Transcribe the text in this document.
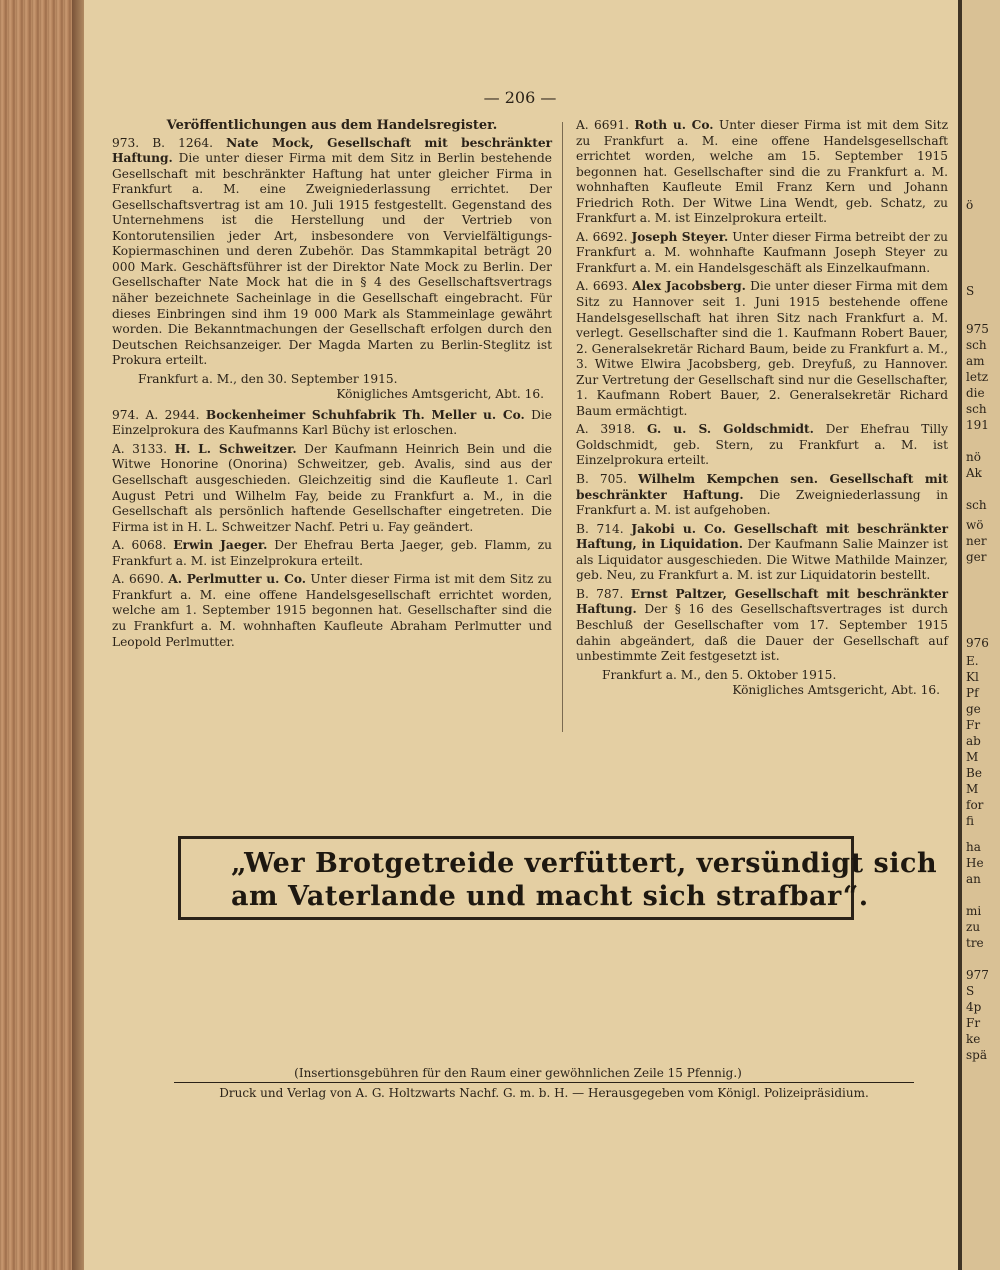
— 206 —
Veröffentlichungen aus dem Handelsregister.

973. B. 1264. Nate Mock, Gesellschaft mit beschränkter Haftung. Die unter dieser Firma mit dem Sitz in Berlin bestehende Gesellschaft mit beschränkter Haftung hat unter gleicher Firma in Frankfurt a. M. eine Zweigniederlassung errichtet. Der Gesellschaftsvertrag ist am 10. Juli 1915 festgestellt. Gegenstand des Unternehmens ist die Herstellung und der Vertrieb von Kontorutensilien jeder Art, insbesondere von Vervielfältigungs-Kopiermaschinen und deren Zubehör. Das Stammkapital beträgt 20 000 Mark. Geschäftsführer ist der Direktor Nate Mock zu Berlin. Der Gesellschafter Nate Mock hat die in § 4 des Gesellschaftsvertrags näher bezeichnete Sacheinlage in die Gesellschaft eingebracht. Für dieses Einbringen sind ihm 19 000 Mark als Stammeinlage gewährt worden. Die Bekanntmachungen der Gesellschaft erfolgen durch den Deutschen Reichsanzeiger. Der Magda Marten zu Berlin-Steglitz ist Prokura erteilt.

Frankfurt a. M., den 30. September 1915.

Königliches Amtsgericht, Abt. 16.

974. A. 2944. Bockenheimer Schuhfabrik Th. Meller u. Co. Die Einzelprokura des Kaufmanns Karl Büchy ist erloschen.

A. 3133. H. L. Schweitzer. Der Kaufmann Heinrich Bein und die Witwe Honorine (Onorina) Schweitzer, geb. Avalis, sind aus der Gesellschaft ausgeschieden. Gleichzeitig sind die Kaufleute 1. Carl August Petri und Wilhelm Fay, beide zu Frankfurt a. M., in die Gesellschaft als persönlich haftende Gesellschafter eingetreten. Die Firma ist in H. L. Schweitzer Nachf. Petri u. Fay geändert.

A. 6068. Erwin Jaeger. Der Ehefrau Berta Jaeger, geb. Flamm, zu Frankfurt a. M. ist Einzelprokura erteilt.

A. 6690. A. Perlmutter u. Co. Unter dieser Firma ist mit dem Sitz zu Frankfurt a. M. eine offene Handelsgesellschaft errichtet worden, welche am 1. September 1915 begonnen hat. Gesellschafter sind die zu Frankfurt a. M. wohnhaften Kaufleute Abraham Perlmutter und Leopold Perlmutter.

A. 6691. Roth u. Co. Unter dieser Firma ist mit dem Sitz zu Frankfurt a. M. eine offene Handelsgesellschaft errichtet worden, welche am 15. September 1915 begonnen hat. Gesellschafter sind die zu Frankfurt a. M. wohnhaften Kaufleute Emil Franz Kern und Johann Friedrich Roth. Der Witwe Lina Wendt, geb. Schatz, zu Frankfurt a. M. ist Einzelprokura erteilt.

A. 6692. Joseph Steyer. Unter dieser Firma betreibt der zu Frankfurt a. M. wohnhafte Kaufmann Joseph Steyer zu Frankfurt a. M. ein Handelsgeschäft als Einzelkaufmann.

A. 6693. Alex Jacobsberg. Die unter dieser Firma mit dem Sitz zu Hannover seit 1. Juni 1915 bestehende offene Handelsgesellschaft hat ihren Sitz nach Frankfurt a. M. verlegt. Gesellschafter sind die 1. Kaufmann Robert Bauer, 2. Generalsekretär Richard Baum, beide zu Frankfurt a. M., 3. Witwe Elwira Jacobsberg, geb. Dreyfuß, zu Hannover. Zur Vertretung der Gesellschaft sind nur die Gesellschafter, 1. Kaufmann Robert Bauer, 2. Generalsekretär Richard Baum ermächtigt.

A. 3918. G. u. S. Goldschmidt. Der Ehefrau Tilly Goldschmidt, geb. Stern, zu Frankfurt a. M. ist Einzelprokura erteilt.

B. 705. Wilhelm Kempchen sen. Gesellschaft mit beschränkter Haftung. Die Zweigniederlassung in Frankfurt a. M. ist aufgehoben.

B. 714. Jakobi u. Co. Gesellschaft mit beschränkter Haftung, in Liquidation. Der Kaufmann Salie Mainzer ist als Liquidator ausgeschieden. Die Witwe Mathilde Mainzer, geb. Neu, zu Frankfurt a. M. ist zur Liquidatorin bestellt.

B. 787. Ernst Paltzer, Gesellschaft mit beschränkter Haftung. Der § 16 des Gesellschaftsvertrages ist durch Beschluß der Gesellschafter vom 17. September 1915 dahin abgeändert, daß die Dauer der Gesellschaft auf unbestimmte Zeit festgesetzt ist.

Frankfurt a. M., den 5. Oktober 1915.

Königliches Amtsgericht, Abt. 16.

„Wer Brotgetreide verfüttert, versündigt sich
am Vaterlande und macht sich strafbar“.
(Insertionsgebühren für den Raum einer gewöhnlichen Zeile 15 Pfennig.)
Druck und Verlag von A. G. Holtzwarts Nachf. G. m. b. H. — Herausgegeben vom Königl. Polizeipräsidium.
ö
S
975
sch
am
letz
die
sch
191
nö
Ak
sch
wö
ner
ger
976
E.
Kl
Pf
ge
Fr
ab
M
Be
M
for
fi
ha
He
an
mi
zu
tre
977
S
4p
Fr
ke
spä
